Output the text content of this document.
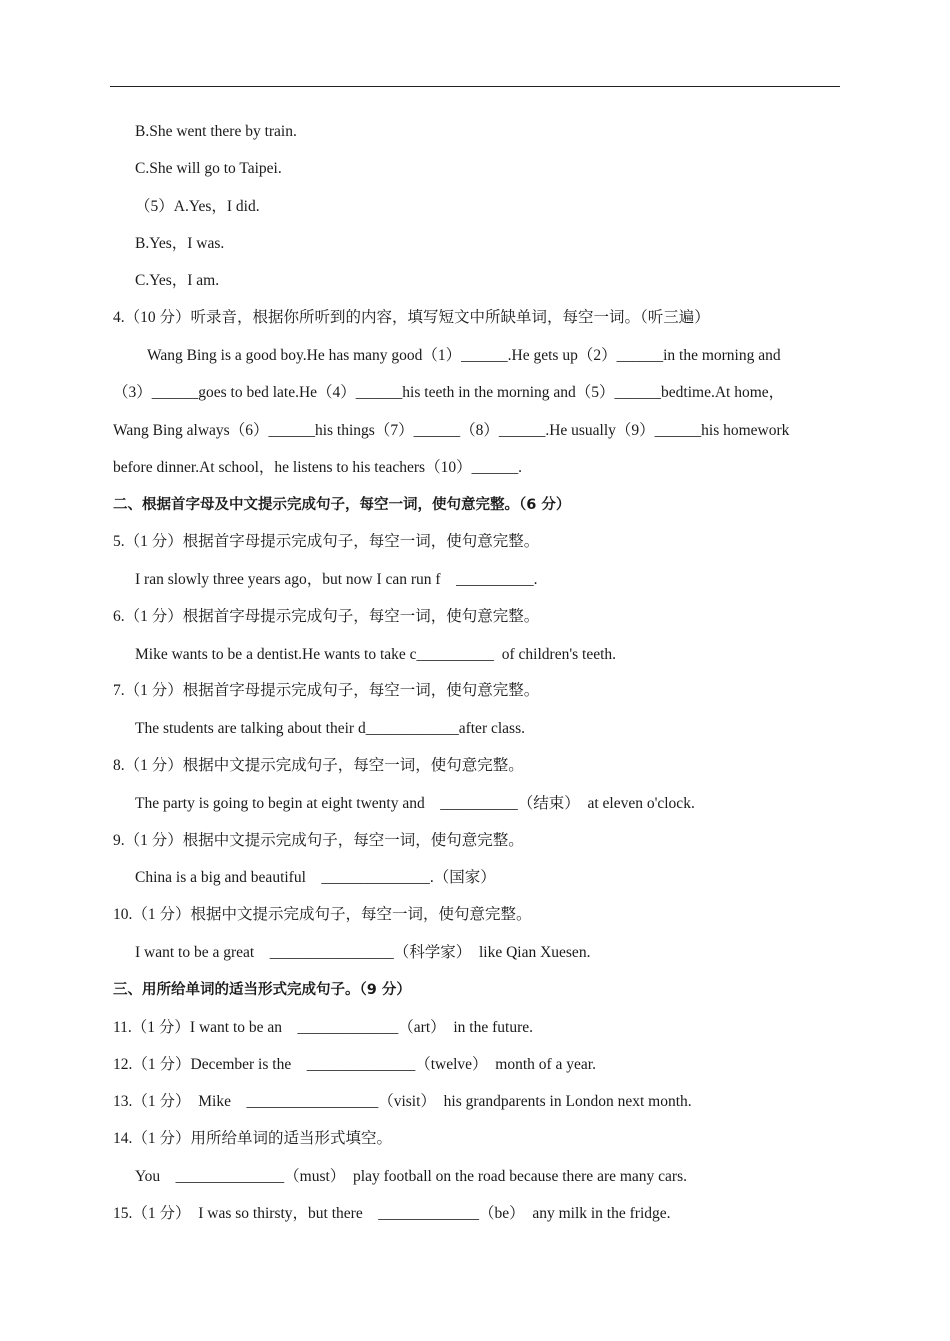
B.She went there by train.
C.She will go to Taipei.
（5）A.Yes，I did.
B.Yes，I was.
C.Yes，I am.
4.（10 分）听录音，根据你所听到的内容，填写短文中所缺单词，每空一词。（听三遍）
Wang Bing is a good boy.He has many good（1）______.He gets up（2）______in the morning and
（3）______goes to bed late.He（4）______his teeth in the morning and（5）______bedtime.At home，
Wang Bing always（6）______his things（7）______（8）______.He usually（9）______his homework
before dinner.At school，he listens to his teachers（10）______.
二、根据首字母及中文提示完成句子，每空一词，使句意完整。（6 分）
5.（1 分）根据首字母提示完成句子，每空一词，使句意完整。
I ran slowly three years ago，but now I can run f    __________.
6.（1 分）根据首字母提示完成句子，每空一词，使句意完整。
Mike wants to be a dentist.He wants to take c__________  of children's teeth.
7.（1 分）根据首字母提示完成句子，每空一词，使句意完整。
The students are talking about their d____________after class.
8.（1 分）根据中文提示完成句子，每空一词，使句意完整。
The party is going to begin at eight twenty and    __________（结束）  at eleven o'clock.
9.（1 分）根据中文提示完成句子，每空一词，使句意完整。
China is a big and beautiful    ______________.（国家）
10.（1 分）根据中文提示完成句子，每空一词，使句意完整。
I want to be a great    ________________（科学家）  like Qian Xuesen.
三、用所给单词的适当形式完成句子。（9 分）
11.（1 分）I want to be an    _____________（art）  in the future.
12.（1 分）December is the    ______________（twelve）  month of a year.
13.（1 分）  Mike    _________________（visit）  his grandparents in London next month.
14.（1 分）用所给单词的适当形式填空。
You    ______________（must）  play football on the road because there are many cars.
15.（1 分）  I was so thirsty，but there    _____________（be）  any milk in the fridge.
